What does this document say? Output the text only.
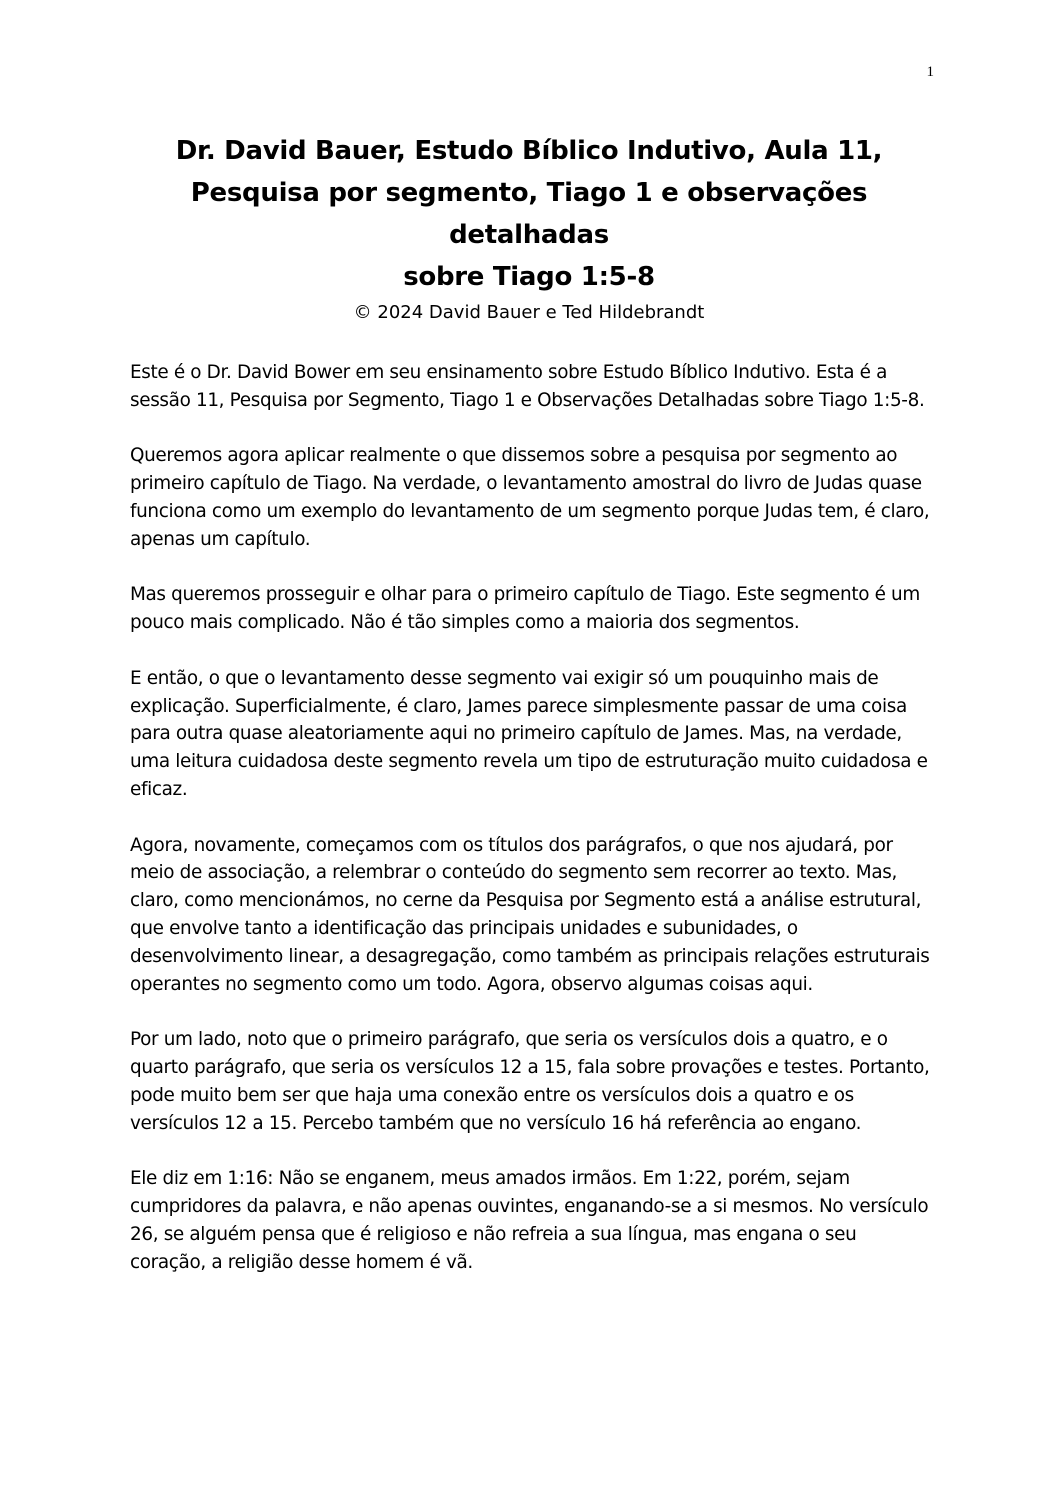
1

Dr. David Bauer, Estudo Bíblico Indutivo, Aula 11,

Pesquisa por segmento, Tiago 1 e observações

detalhadas

sobre Tiago 1:5-8

© 2024 David Bauer e Ted Hildebrandt

Este é o Dr. David Bower em seu ensinamento sobre Estudo Bíblico Indutivo. Esta é a sessão 11, Pesquisa por Segmento, Tiago 1 e Observações Detalhadas sobre Tiago 1:5-8.

Queremos agora aplicar realmente o que dissemos sobre a pesquisa por segmento ao primeiro capítulo de Tiago. Na verdade, o levantamento amostral do livro de Judas quase funciona como um exemplo do levantamento de um segmento porque Judas tem, é claro, apenas um capítulo.

Mas queremos prosseguir e olhar para o primeiro capítulo de Tiago. Este segmento é um pouco mais complicado. Não é tão simples como a maioria dos segmentos.

E então, o que o levantamento desse segmento vai exigir só um pouquinho mais de explicação. Superficialmente, é claro, James parece simplesmente passar de uma coisa para outra quase aleatoriamente aqui no primeiro capítulo de James. Mas, na verdade, uma leitura cuidadosa deste segmento revela um tipo de estruturação muito cuidadosa e eficaz.

Agora, novamente, começamos com os títulos dos parágrafos, o que nos ajudará, por meio de associação, a relembrar o conteúdo do segmento sem recorrer ao texto. Mas, claro, como mencionámos, no cerne da Pesquisa por Segmento está a análise estrutural, que envolve tanto a identificação das principais unidades e subunidades, o desenvolvimento linear, a desagregação, como também as principais relações estruturais operantes no segmento como um todo. Agora, observo algumas coisas aqui.

Por um lado, noto que o primeiro parágrafo, que seria os versículos dois a quatro, e o quarto parágrafo, que seria os versículos 12 a 15, fala sobre provações e testes. Portanto, pode muito bem ser que haja uma conexão entre os versículos dois a quatro e os versículos 12 a 15. Percebo também que no versículo 16 há referência ao engano.

Ele diz em 1:16: Não se enganem, meus amados irmãos. Em 1:22, porém, sejam cumpridores da palavra, e não apenas ouvintes, enganando-se a si mesmos. No versículo 26, se alguém pensa que é religioso e não refreia a sua língua, mas engana o seu coração, a religião desse homem é vã.
